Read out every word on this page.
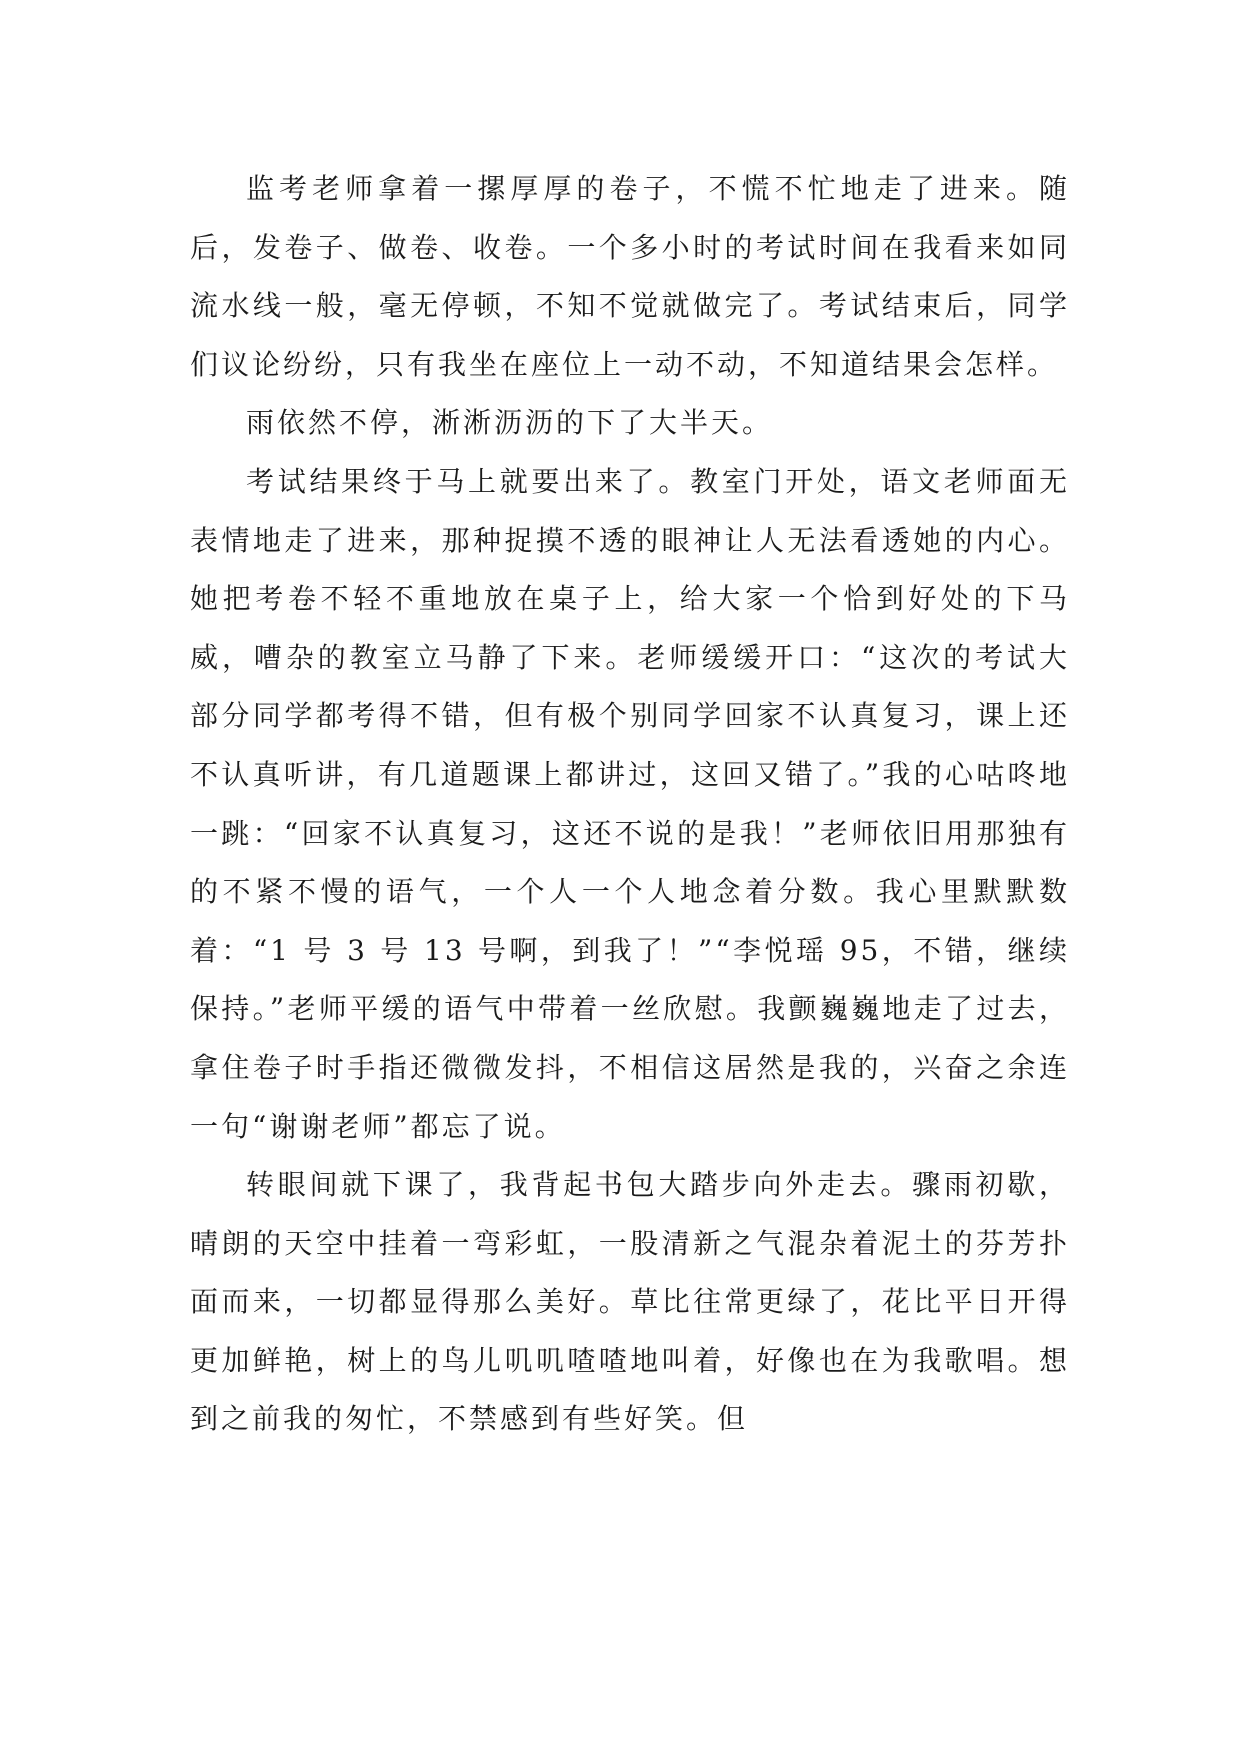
监考老师拿着一摞厚厚的卷子，不慌不忙地走了进来。随后，发卷子、做卷、收卷。一个多小时的考试时间在我看来如同流水线一般，毫无停顿，不知不觉就做完了。考试结束后，同学们议论纷纷，只有我坐在座位上一动不动，不知道结果会怎样。

雨依然不停，淅淅沥沥的下了大半天。

考试结果终于马上就要出来了。教室门开处，语文老师面无表情地走了进来，那种捉摸不透的眼神让人无法看透她的内心。她把考卷不轻不重地放在桌子上，给大家一个恰到好处的下马威，嘈杂的教室立马静了下来。老师缓缓开口：“这次的考试大部分同学都考得不错，但有极个别同学回家不认真复习，课上还不认真听讲，有几道题课上都讲过，这回又错了。”我的心咕咚地一跳：“回家不认真复习，这还不说的是我！”老师依旧用那独有的不紧不慢的语气，一个人一个人地念着分数。我心里默默数着：“1 号 3 号 13 号啊，到我了！”“李悦瑶 95，不错，继续保持。”老师平缓的语气中带着一丝欣慰。我颤巍巍地走了过去，拿住卷子时手指还微微发抖，不相信这居然是我的，兴奋之余连一句“谢谢老师”都忘了说。

转眼间就下课了，我背起书包大踏步向外走去。骤雨初歇，晴朗的天空中挂着一弯彩虹，一股清新之气混杂着泥土的芬芳扑面而来，一切都显得那么美好。草比往常更绿了，花比平日开得更加鲜艳，树上的鸟儿叽叽喳喳地叫着，好像也在为我歌唱。想到之前我的匆忙，不禁感到有些好笑。但
